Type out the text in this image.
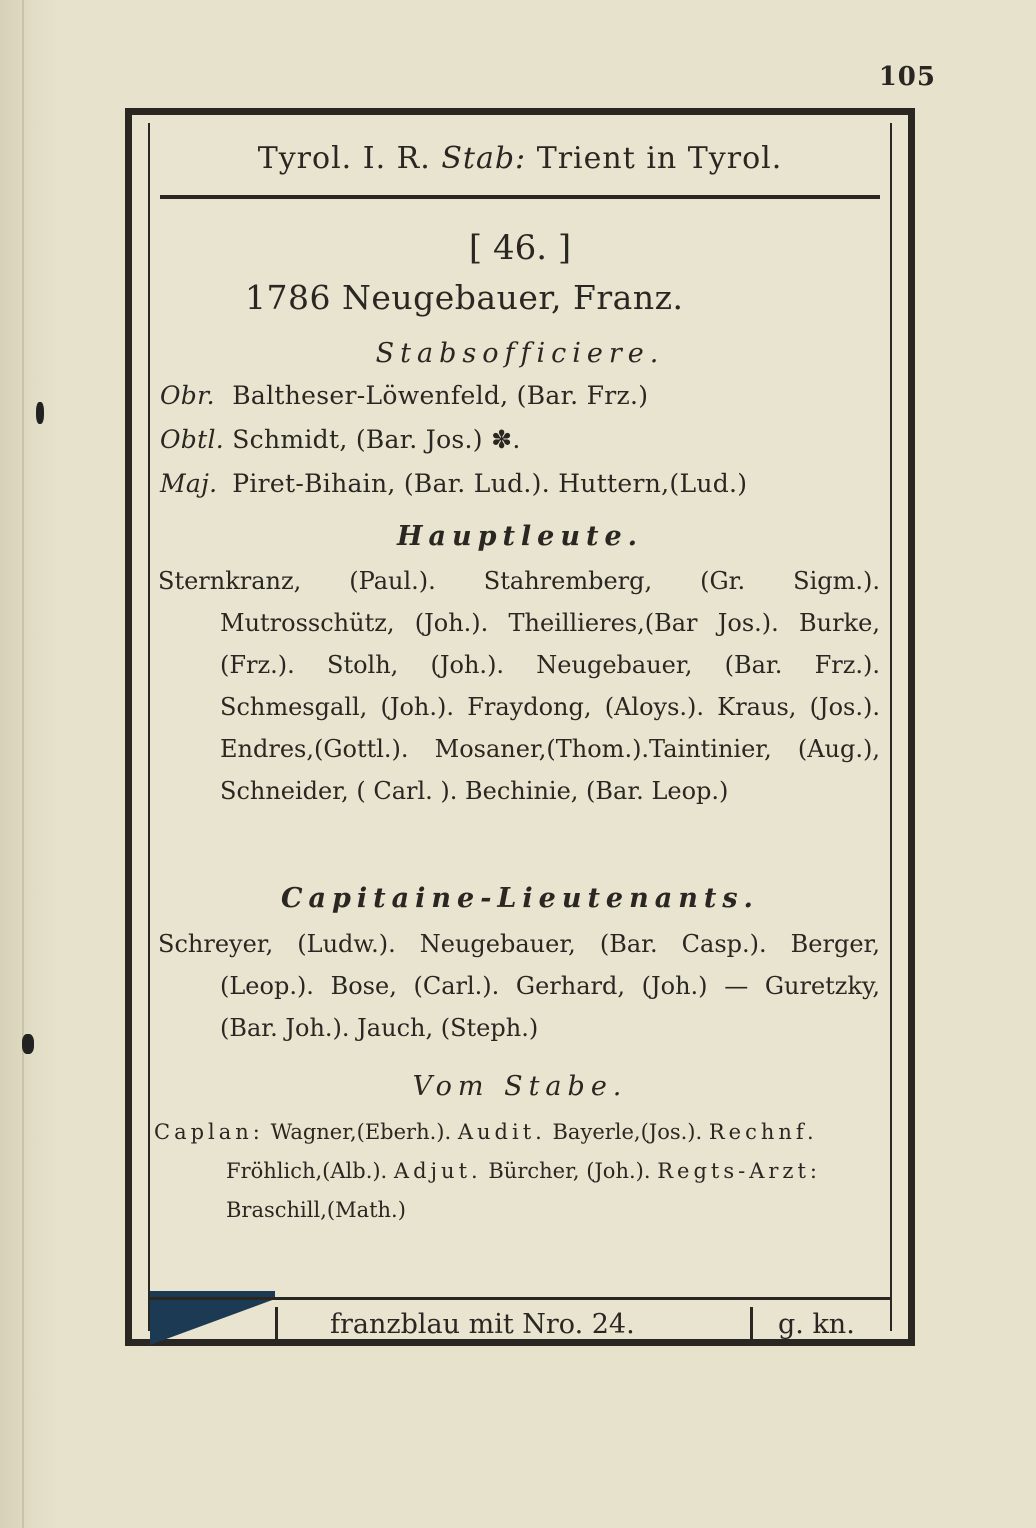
105
Tyrol. I. R. Stab: Trient in Tyrol.
[ 46. ]
1786 Neugebauer, Franz.
Stabsofficiere.
Obr. Baltheser-Löwenfeld, (Bar. Frz.)
Obtl. Schmidt, (Bar. Jos.) ✽.
Maj. Piret-Bihain, (Bar. Lud.). Huttern,(Lud.)
Hauptleute.

Sternkranz, (Paul.). Stahremberg, (Gr. Sigm.). Mutrosschütz, (Joh.). Theillieres,(Bar Jos.). Burke, (Frz.). Stolh, (Joh.). Neugebauer, (Bar. Frz.). Schmesgall, (Joh.). Fraydong, (Aloys.). Kraus, (Jos.). Endres,(Gottl.). Mosaner,(Thom.).Taintinier, (Aug.), Schneider, ( Carl. ). Bechinie, (Bar. Leop.)

Capitaine-Lieutenants.

Schreyer, (Ludw.). Neugebauer, (Bar. Casp.). Berger, (Leop.). Bose, (Carl.). Gerhard, (Joh.) — Guretzky, (Bar. Joh.). Jauch, (Steph.)

Vom Stabe.

Caplan: Wagner,(Eberh.). Audit. Bayerle,(Jos.). Rechnf. Fröhlich,(Alb.). Adjut. Bürcher, (Joh.). Regts-Arzt: Braschill,(Math.)

franzblau mit Nro. 24.	g. kn.
